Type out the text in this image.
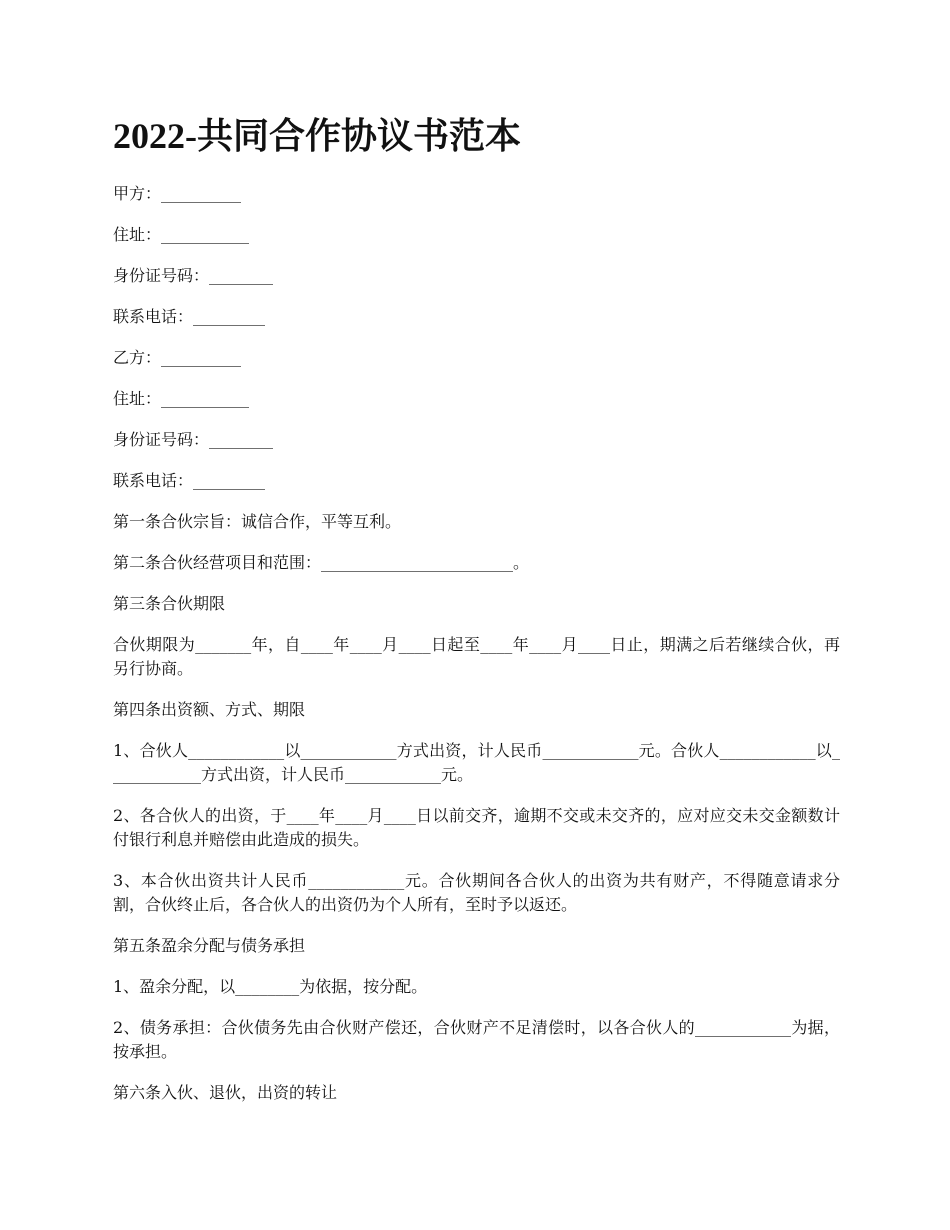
2022-共同合作协议书范本

甲方：__________

住址：___________

身份证号码：________

联系电话：_________

乙方：__________

住址：___________

身份证号码：________

联系电话：_________

第一条合伙宗旨：诚信合作，平等互利。

第二条合伙经营项目和范围：________________________。

第三条合伙期限

合伙期限为_______年，自____年____月____日起至____年____月____日止，期满之后若继续合伙，再另行协商。

第四条出资额、方式、期限

1、合伙人____________以____________方式出资，计人民币____________元。合伙人____________以____________方式出资，计人民币____________元。

2、各合伙人的出资，于____年____月____日以前交齐，逾期不交或未交齐的，应对应交未交金额数计付银行利息并赔偿由此造成的损失。

3、本合伙出资共计人民币____________元。合伙期间各合伙人的出资为共有财产，不得随意请求分割，合伙终止后，各合伙人的出资仍为个人所有，至时予以返还。

第五条盈余分配与债务承担

1、盈余分配，以________为依据，按分配。

2、债务承担：合伙债务先由合伙财产偿还，合伙财产不足清偿时，以各合伙人的____________为据，按承担。

第六条入伙、退伙，出资的转让
